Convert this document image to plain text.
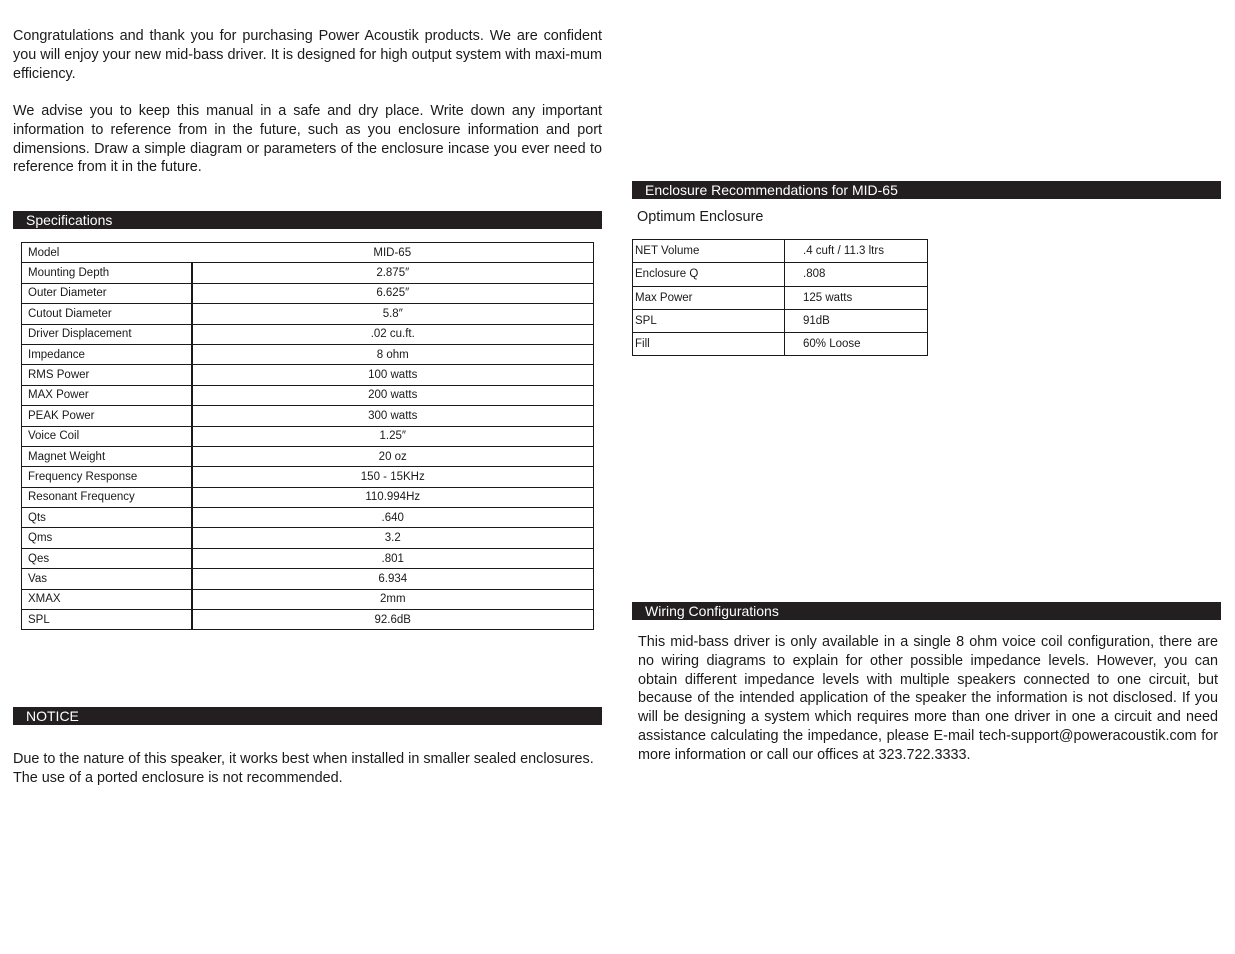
Congratulations and thank you for purchasing Power Acoustik products. We are confident you will enjoy your new mid-bass driver. It is designed for high output system with maxi-mum efficiency.

We advise you to keep this manual in a safe and dry place. Write down any important information to reference from in the future, such as you enclosure information and port dimensions. Draw a simple diagram or parameters of the enclosure incase you ever need to reference from it in the future.

Specifications
Model	MID-65
Mounting Depth	2.875″
Outer Diameter	6.625″
Cutout Diameter	5.8″
Driver Displacement	.02 cu.ft.
Impedance	8 ohm
RMS Power	100 watts
MAX Power	200 watts
PEAK Power	300 watts
Voice Coil	1.25″
Magnet Weight	20 oz
Frequency Response	150 - 15KHz
Resonant Frequency	110.994Hz
Qts	.640
Qms	3.2
Qes	.801
Vas	6.934
XMAX	2mm
SPL	92.6dB
NOTICE

Due to the nature of this speaker, it works best when installed in smaller sealed enclosures. The use of a ported enclosure is not recommended.

Enclosure Recommendations for MID-65
Optimum Enclosure
NET Volume	.4 cuft / 11.3 ltrs
Enclosure Q	.808
Max Power	125 watts
SPL	91dB
Fill	60% Loose
Wiring Configurations

This mid-bass driver is only available in a single 8 ohm voice coil configuration, there are no wiring diagrams to explain for other possible impedance levels. However, you can obtain different impedance levels with multiple speakers connected to one circuit, but because of the intended application of the speaker the information is not disclosed. If you will be designing a system which requires more than one driver in one a circuit and need assistance calculating the impedance, please E-mail tech-support@poweracoustik.com for more information or call our offices at 323.722.3333.
